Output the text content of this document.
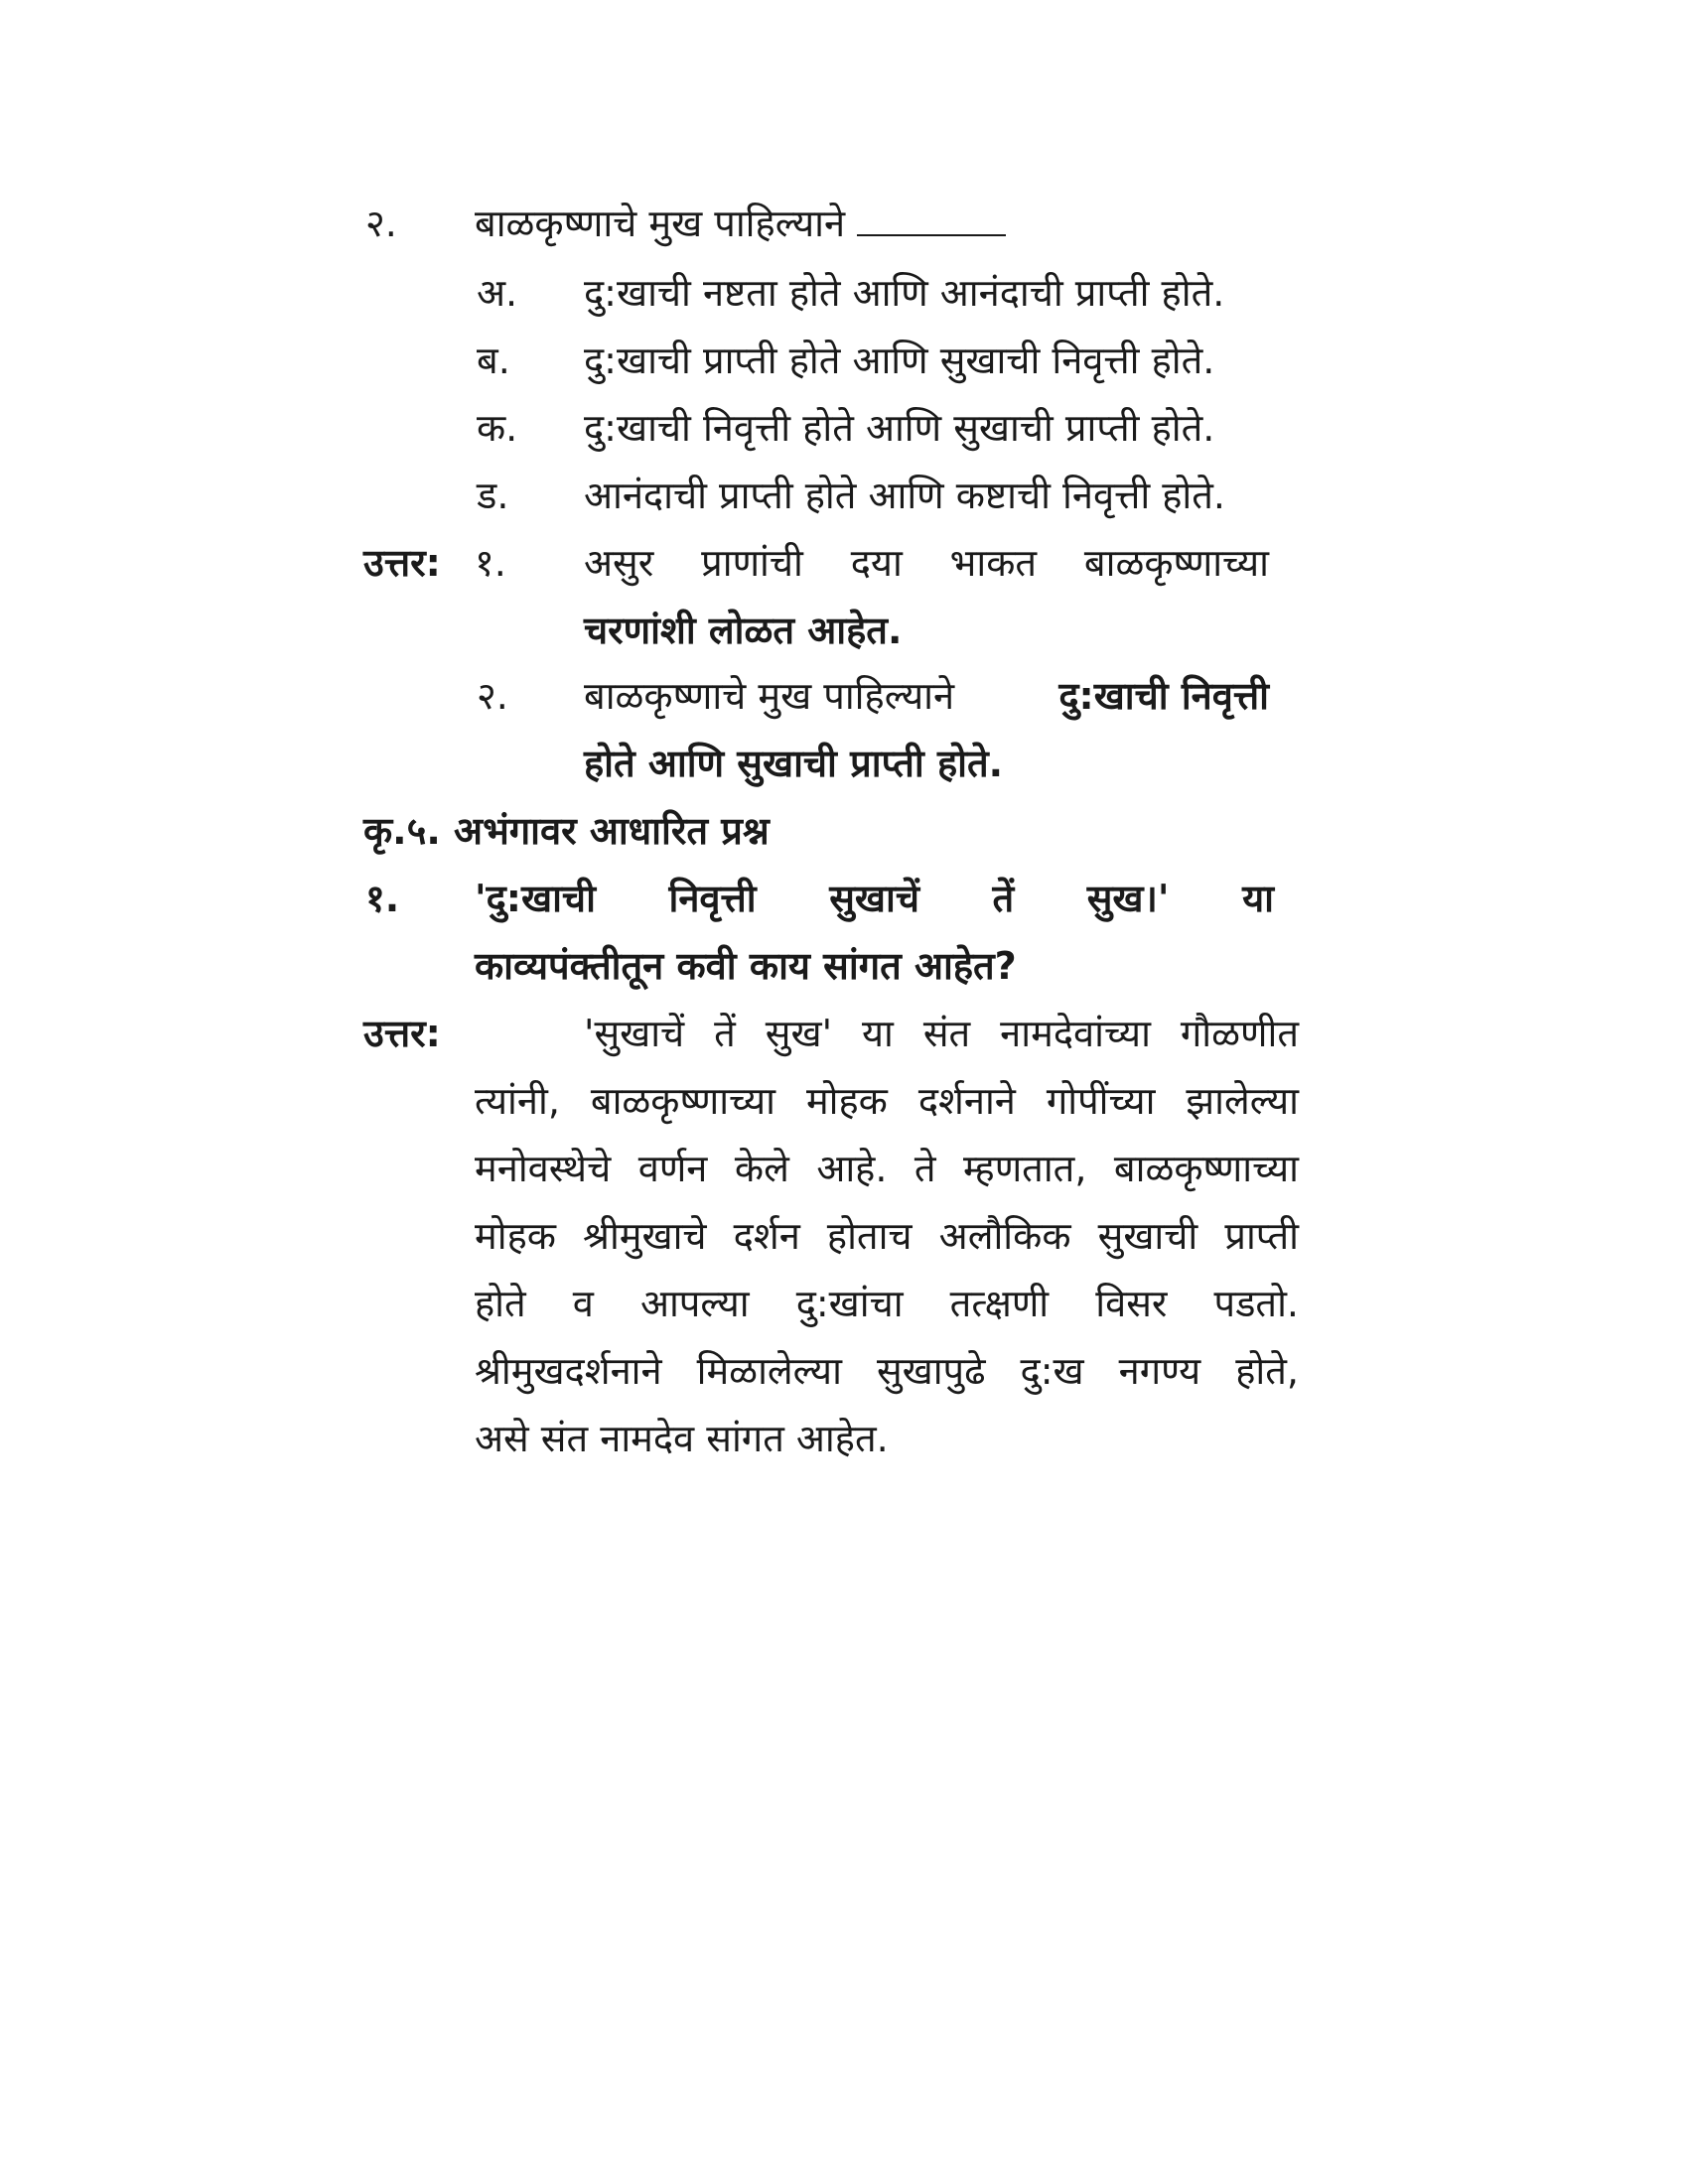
२. बाळकृष्णाचे मुख पाहिल्याने
अ. दु:खाची नष्टता होते आणि आनंदाची प्राप्ती होते.
ब. दु:खाची प्राप्ती होते आणि सुखाची निवृत्ती होते.
क. दु:खाची निवृत्ती होते आणि सुखाची प्राप्ती होते.
ड. आनंदाची प्राप्ती होते आणि कष्टाची निवृत्ती होते.
उत्तर: १. असुर प्राणांची दया भाकत बाळकृष्णाच्या
चरणांशी लोळत आहेत.
२. बाळकृष्णाचे मुख पाहिल्याने	दु:खाची निवृत्ती
होते आणि सुखाची प्राप्ती होते.
कृ.५. अभंगावर आधारित प्रश्न
१. 'दु:खाची निवृत्ती सुखाचें तें सुख।' या
काव्यपंक्तीतून कवी काय सांगत आहेत?
उत्तर:	'सुखाचें तें सुख' या संत नामदेवांच्या गौळणीत
त्यांनी, बाळकृष्णाच्या मोहक दर्शनाने गोपींच्या झालेल्या
मनोवस्थेचे वर्णन केले आहे. ते म्हणतात, बाळकृष्णाच्या
मोहक श्रीमुखाचे दर्शन होताच अलौकिक सुखाची प्राप्ती
होते व आपल्या दु:खांचा तत्क्षणी विसर पडतो.
श्रीमुखदर्शनाने मिळालेल्या सुखापुढे दु:ख नगण्य होते,
असे संत नामदेव सांगत आहेत.
